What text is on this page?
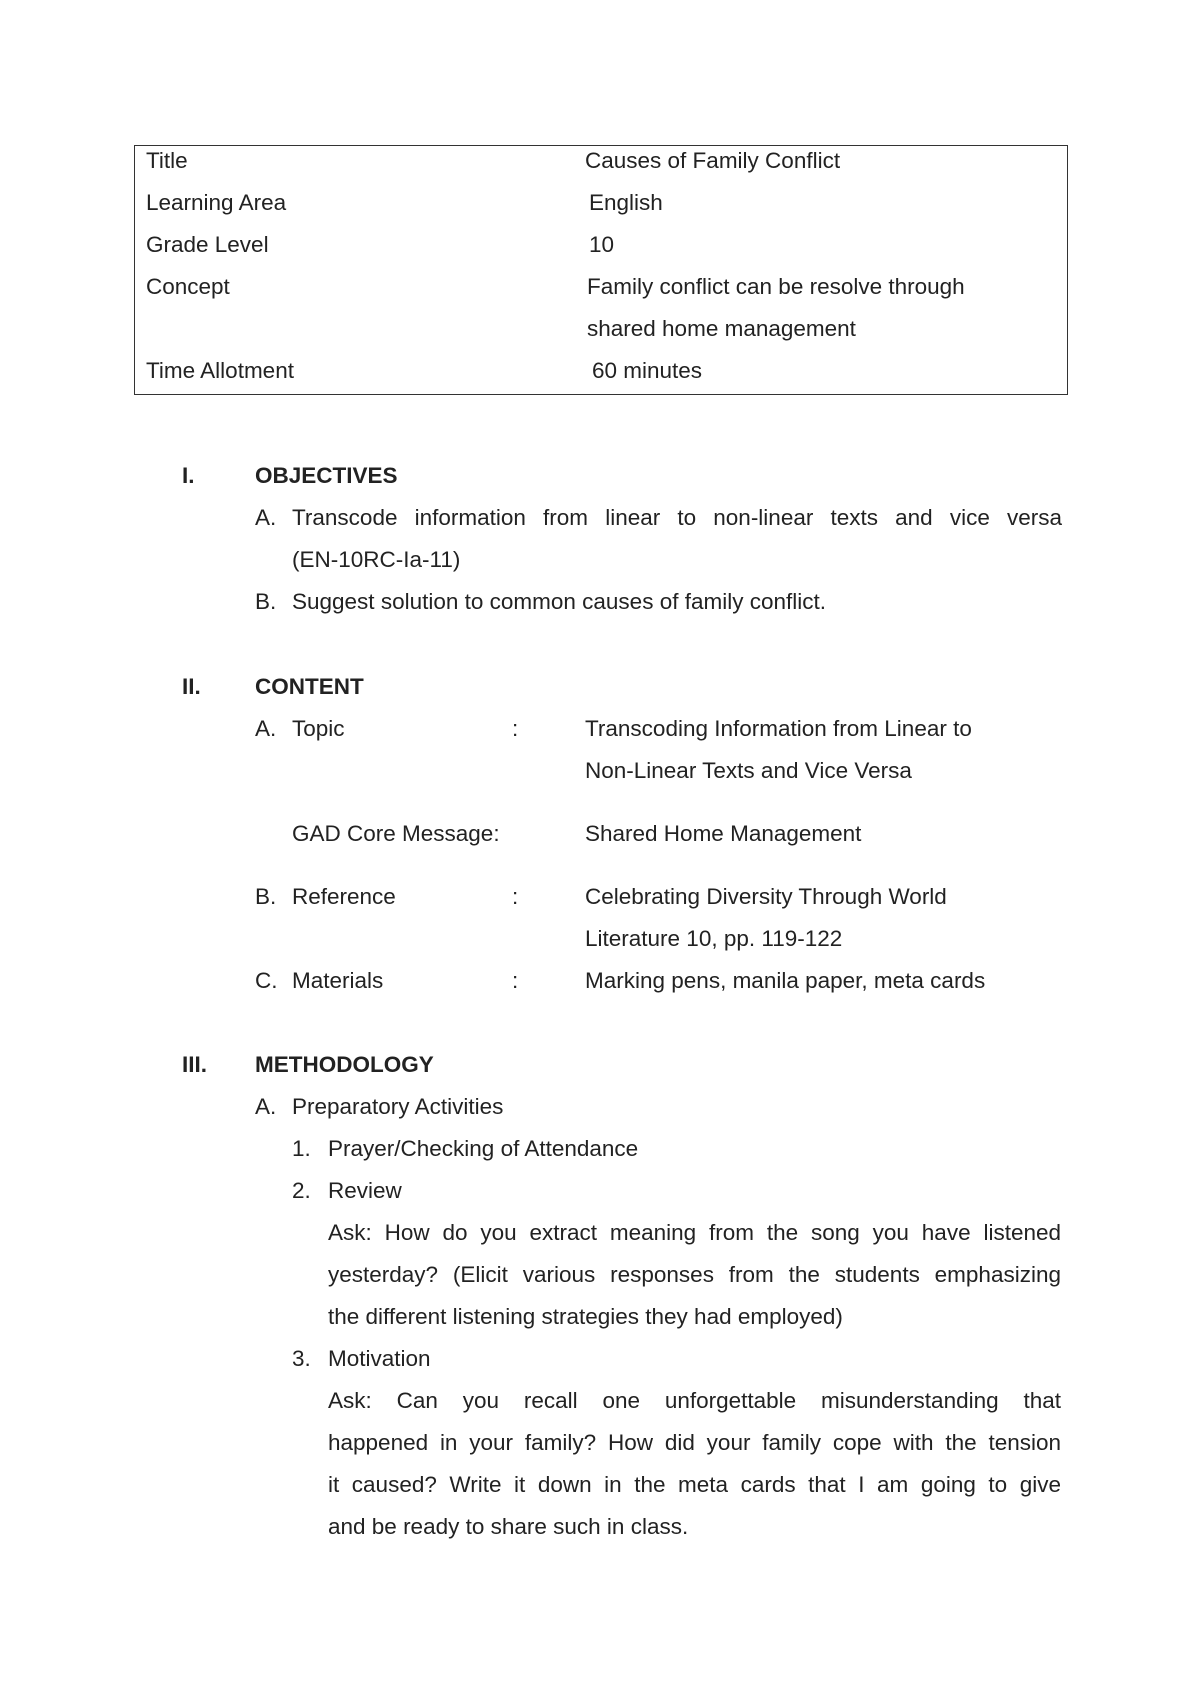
Title	Causes of Family Conflict
Learning Area	English
Grade Level	10
Concept	Family conflict can be resolve through
shared home management
Time Allotment	60 minutes
I.	OBJECTIVES
A. Transcode information from linear to non-linear texts and vice versa
(EN-10RC-Ia-11)
B. Suggest solution to common causes of family conflict.
II. CONTENT
A. Topic	:	Transcoding Information from Linear to
Non-Linear Texts and Vice Versa
GAD Core Message:	Shared Home Management
B. Reference	:	Celebrating Diversity Through World
Literature 10, pp. 119-122
C. Materials	:	Marking pens, manila paper, meta cards
III. METHODOLOGY
A. Preparatory Activities
1. Prayer/Checking of Attendance
2. Review
Ask: How do you extract meaning from the song you have listened
yesterday? (Elicit various responses from the students emphasizing
the different listening strategies they had employed)
3. Motivation
Ask: Can you recall one unforgettable misunderstanding that
happened in your family? How did your family cope with the tension
it caused? Write it down in the meta cards that I am going to give
and be ready to share such in class.
